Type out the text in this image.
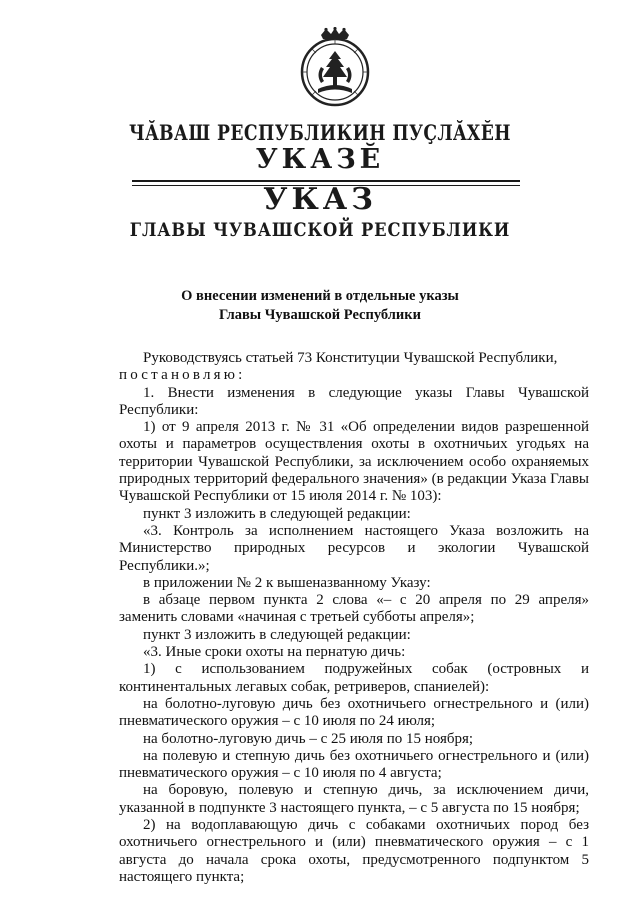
ЧĂВАШ РЕСПУБЛИКИН ПУÇЛĂХĔН
УКАЗĔ
УКАЗ
ГЛАВЫ ЧУВАШСКОЙ РЕСПУБЛИКИ
О внесении изменений в отдельные указы
Главы Чувашской Республики

Руководствуясь статьей 73 Конституции Чувашской Республики,

постановляю:

1. Внести изменения в следующие указы Главы Чувашской Республики:

1) от 9 апреля 2013 г. № 31 «Об определении видов разрешенной охоты и параметров осуществления охоты в охотничьих угодьях на территории Чувашской Республики, за исключением особо охраняемых природных территорий федерального значения» (в редакции Указа Главы Чувашской Республики от 15 июля 2014 г. № 103):

пункт 3 изложить в следующей редакции:

«3. Контроль за исполнением настоящего Указа возложить на Министерство природных ресурсов и экологии Чувашской Республики.»;

в приложении № 2 к вышеназванному Указу:

в абзаце первом пункта 2 слова «– с 20 апреля по 29 апреля» заменить словами «начиная с третьей субботы апреля»;

пункт 3 изложить в следующей редакции:

«3. Иные сроки охоты на пернатую дичь:

1) с использованием подружейных собак (островных и континентальных легавых собак, ретриверов, спаниелей):

на болотно-луговую дичь без охотничьего огнестрельного и (или) пневматического оружия – с 10 июля по 24 июля;

на болотно-луговую дичь – с 25 июля по 15 ноября;

на полевую и степную дичь без охотничьего огнестрельного и (или) пневматического оружия – с 10 июля по 4 августа;

на боровую, полевую и степную дичь, за исключением дичи, указанной в подпункте 3 настоящего пункта, – с 5 августа по 15 ноября;

2) на водоплавающую дичь с собаками охотничьих пород без охотничьего огнестрельного и (или) пневматического оружия – с 1 августа до начала срока охоты, предусмотренного подпунктом 5 настоящего пункта;
